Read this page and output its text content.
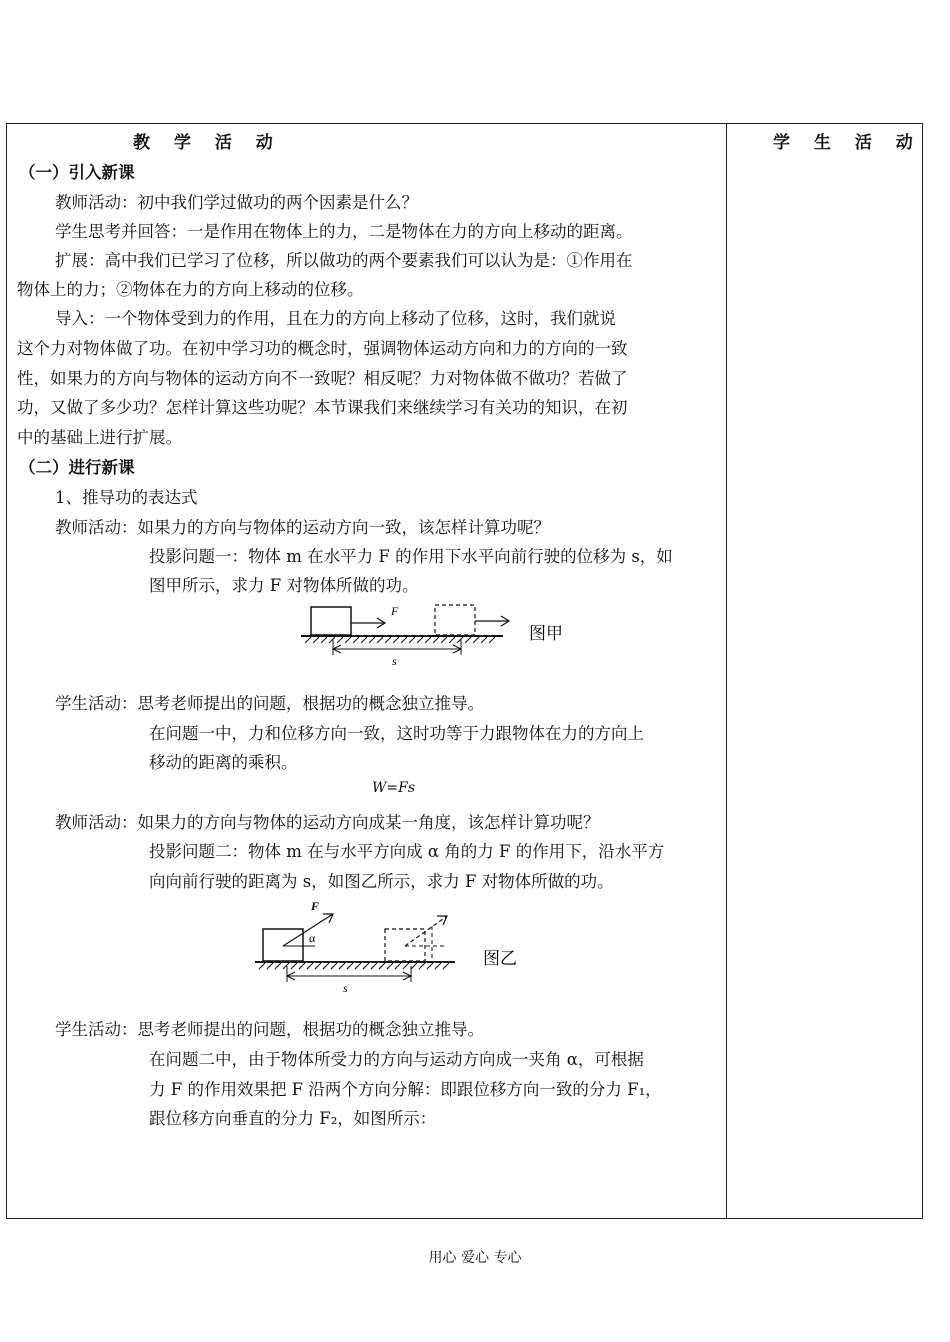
教 学 活 动	学 生 活 动
（一）引入新课
教师活动：初中我们学过做功的两个因素是什么？
学生思考并回答：一是作用在物体上的力，二是物体在力的方向上移动的距离。
扩展：高中我们已学习了位移，所以做功的两个要素我们可以认为是：①作用在
物体上的力；②物体在力的方向上移动的位移。
导入：一个物体受到力的作用，且在力的方向上移动了位移，这时，我们就说
这个力对物体做了功。在初中学习功的概念时，强调物体运动方向和力的方向的一致
性，如果力的方向与物体的运动方向不一致呢？相反呢？力对物体做不做功？若做了
功，又做了多少功？怎样计算这些功呢？本节课我们来继续学习有关功的知识，在初
中的基础上进行扩展。
（二）进行新课
1、推导功的表达式
教师活动：如果力的方向与物体的运动方向一致，该怎样计算功呢？
投影问题一：物体 m 在水平力 F 的作用下水平向前行驶的位移为 s，如
图甲所示，求力 F 对物体所做的功。
F
s
图甲
学生活动：思考老师提出的问题，根据功的概念独立推导。
在问题一中，力和位移方向一致，这时功等于力跟物体在力的方向上
移动的距离的乘积。
W=Fs
教师活动：如果力的方向与物体的运动方向成某一角度，该怎样计算功呢？
投影问题二：物体 m 在与水平方向成 α 角的力 F 的作用下，沿水平方
向向前行驶的距离为 s，如图乙所示，求力 F 对物体所做的功。
F
α
s
图乙
学生活动：思考老师提出的问题，根据功的概念独立推导。
在问题二中，由于物体所受力的方向与运动方向成一夹角 α，可根据
力 F 的作用效果把 F 沿两个方向分解：即跟位移方向一致的分力 F₁，
跟位移方向垂直的分力 F₂，如图所示：
用心 爱心 专心
